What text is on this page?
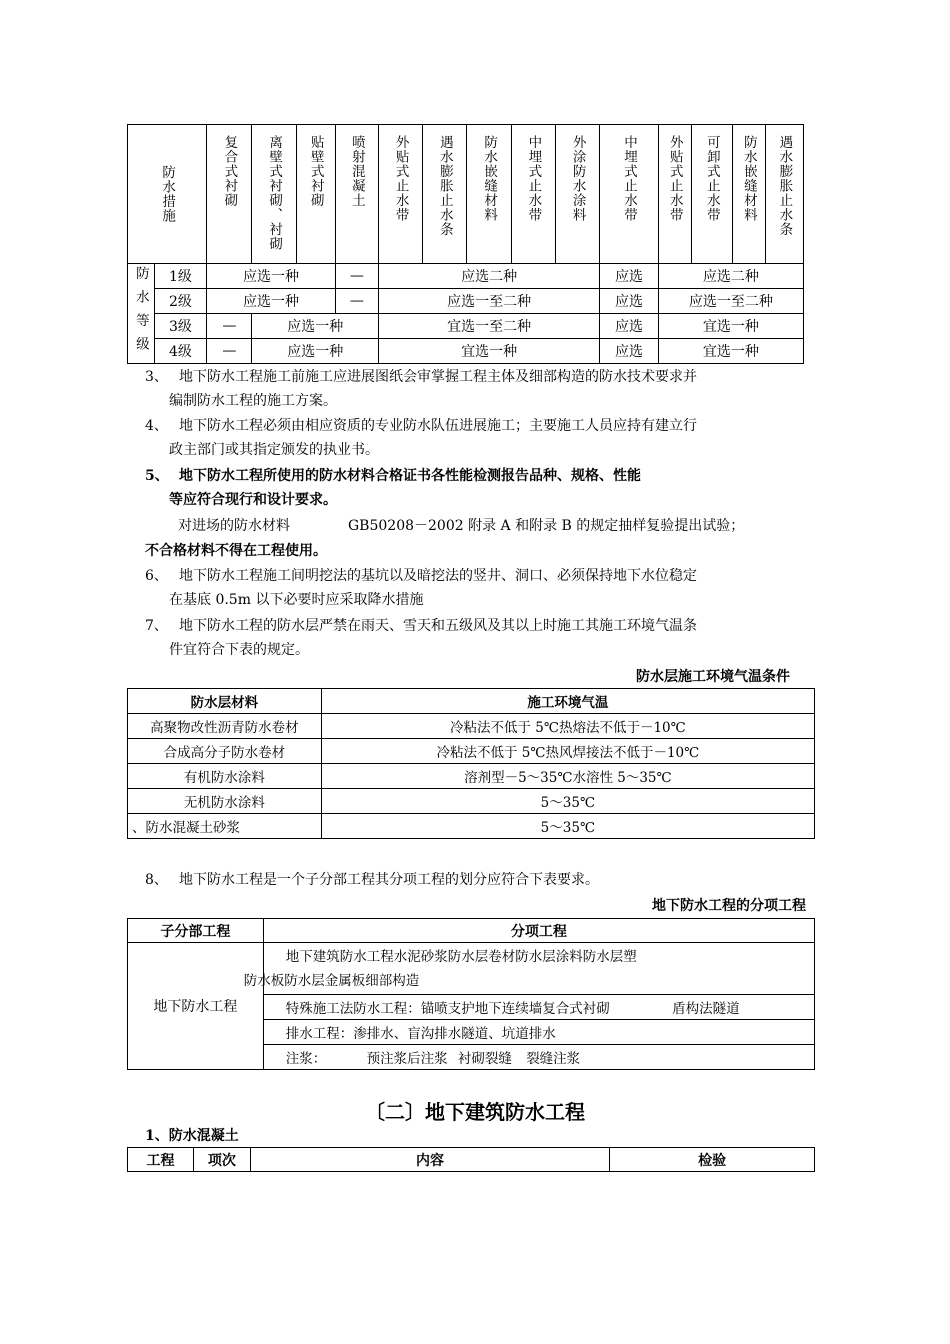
防水措施		复合式衬砌	离壁式衬砌、衬砌	贴壁式衬砌	喷射混凝土	外贴式止水带	遇水膨胀止水条	防水嵌缝材料	中埋式止水带	外涂防水涂料	中埋式止水带	外贴式止水带	可卸式止水带	防水嵌缝材料	遇水膨胀止水条

防水等级	1级	应选一种			—	应选二种					应选	应选二种			
	2级	应选一种			—	应选一至二种					应选	应选一至二种			
	3级	—	应选一种			宜选一至二种					应选	宜选一种			
	4级	—	应选一种			宜选一种					应选	宜选一种			
3、 地下防水工程施工前施工应进展图纸会审掌握工程主体及细部构造的防水技术要求并
编制防水工程的施工方案。
4、 地下防水工程必须由相应资质的专业防水队伍进展施工；主要施工人员应持有建立行
政主部门或其指定颁发的执业书。
5、 地下防水工程所使用的防水材料合格证书各性能检测报告品种、规格、性能
等应符合现行和设计要求。
对进场的防水材料	GB50208－2002 附录 A 和附录 B 的规定抽样复验提出试验；
不合格材料不得在工程使用。
6、 地下防水工程施工间明挖法的基坑以及暗挖法的竖井、洞口、必须保持地下水位稳定
在基底 0.5m 以下必要时应采取降水措施
7、 地下防水工程的防水层严禁在雨天、雪天和五级风及其以上时施工其施工环境气温条
件宜符合下表的规定。
防水层施工环境气温条件
防水层材料	施工环境气温
高聚物改性沥青防水卷材	冷粘法不低于 5℃热熔法不低于－10℃
合成高分子防水卷材	冷粘法不低于 5℃热风焊接法不低于－10℃
有机防水涂料	溶剂型－5～35℃水溶性 5～35℃
无机防水涂料	5～35℃
、防水混凝土砂浆	5～35℃
8、 地下防水工程是一个子分部工程其分项工程的划分应符合下表要求。
地下防水工程的分项工程
子分部工程	分项工程
地下防水工程	地下建筑防水工程水泥砂浆防水层卷材防水层涂料防水层塑
防水板防水层金属板细部构造

	特殊施工法防水工程：锚喷支护地下连续墙复合式衬砌 盾构法隧道
	排水工程：渗排水、盲沟排水隧道、坑道排水
	注浆： 预注浆后注浆 衬砌裂缝 裂缝注浆
〔二〕地下建筑防水工程
1、防水混凝土
工程	项次	内容	检验
